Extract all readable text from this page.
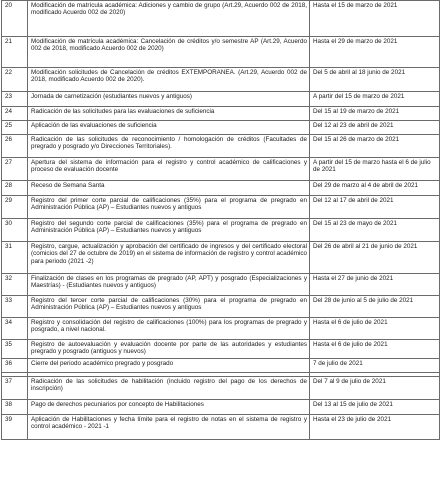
20	Modificación de matrícula académica: Adiciones y cambio de grupo (Art.29, Acuerdo 002 de 2018, modificado Acuerdo 002 de 2020)	Hasta el 15 de marzo de 2021
21	Modificación de matrícula académica: Cancelación de créditos y/o semestre AP (Art.29, Acuerdo 002 de 2018, modificado Acuerdo 002 de 2020)	Hasta el 29 de marzo de 2021
22	Modificación solicitudes de Cancelación de créditos EXTEMPORANEA. (Art.29, Acuerdo 002 de 2018, modificado Acuerdo 002 de 2020).	Del 5 de abril al 18 junio de 2021
23	Jornada de carnetización (estudiantes nuevos y antiguos)	A partir del 15 de marzo de 2021
24	Radicación de las solicitudes para las evaluaciones de suficiencia	Del 15 al 19 de marzo de 2021
25	Aplicación de las evaluaciones de suficiencia	Del 12 al 23 de abril de 2021
26	Radicación de las solicitudes de reconocimiento / homologación de créditos (Facultades de pregrado y posgrado y/o Direcciones Territoriales).	Del 15 al 26 de marzo de 2021
27	Apertura del sistema de información para el registro y control académico de calificaciones y proceso de evaluación docente	A partir del 15 de marzo hasta el 6 de julio de 2021
28	Receso de Semana Santa	Del 29 de marzo al 4 de abril de 2021
29	Registro del primer corte parcial de calificaciones (35%) para el programa de pregrado en Administración Pública (AP) – Estudiantes nuevos y antiguos	Del 12 al 17 de abril de 2021
30	Registro del segundo corte parcial de calificaciones (35%) para el programa de pregrado en Administración Pública (AP) – Estudiantes nuevos y antiguos	Del 15 al 23 de mayo de 2021
31	Registro, cargue, actualización y aprobación del certificado de ingresos y del certificado electoral (comicios del 27 de octubre de 2019) en el sistema de información de registro y control académico para periodo (2021 -2)	Del 26 de abril al 21 de junio de 2021
32	Finalización de clases en los programas de pregrado (AP, APT) y posgrado (Especializaciones y Maestrías) - (Estudiantes nuevos y antiguos)	Hasta el 27 de junio de 2021
33	Registro del tercer corte parcial de calificaciones (30%) para el programa de pregrado en Administración Pública (AP) – Estudiantes nuevos y antiguos	Del 28 de junio al 5 de julio de 2021
34	Registro y consolidación del registro de calificaciones (100%) para los programas de pregrado y posgrado, a nivel nacional.	Hasta el 6 de julio de 2021
35	Registro de autoevaluación y evaluación docente por parte de las autoridades y estudiantes pregrado y posgrado (antiguos y nuevos)	Hasta el 6 de julio de 2021
36	Cierre del periodo académico pregrado y posgrado	7 de julio de 2021

37	Radicación de las solicitudes de habilitación (incluido registro del pago de los derechos de inscripción)	Del 7 al 9 de julio de 2021
38	Pago de derechos pecuniarios por concepto de Habilitaciones	Del 13 al 15 de julio de 2021
39	Aplicación de Habilitaciones y fecha límite para el registro de notas en el sistema de registro y control académico - 2021 -1	Hasta el 23 de julio de 2021
